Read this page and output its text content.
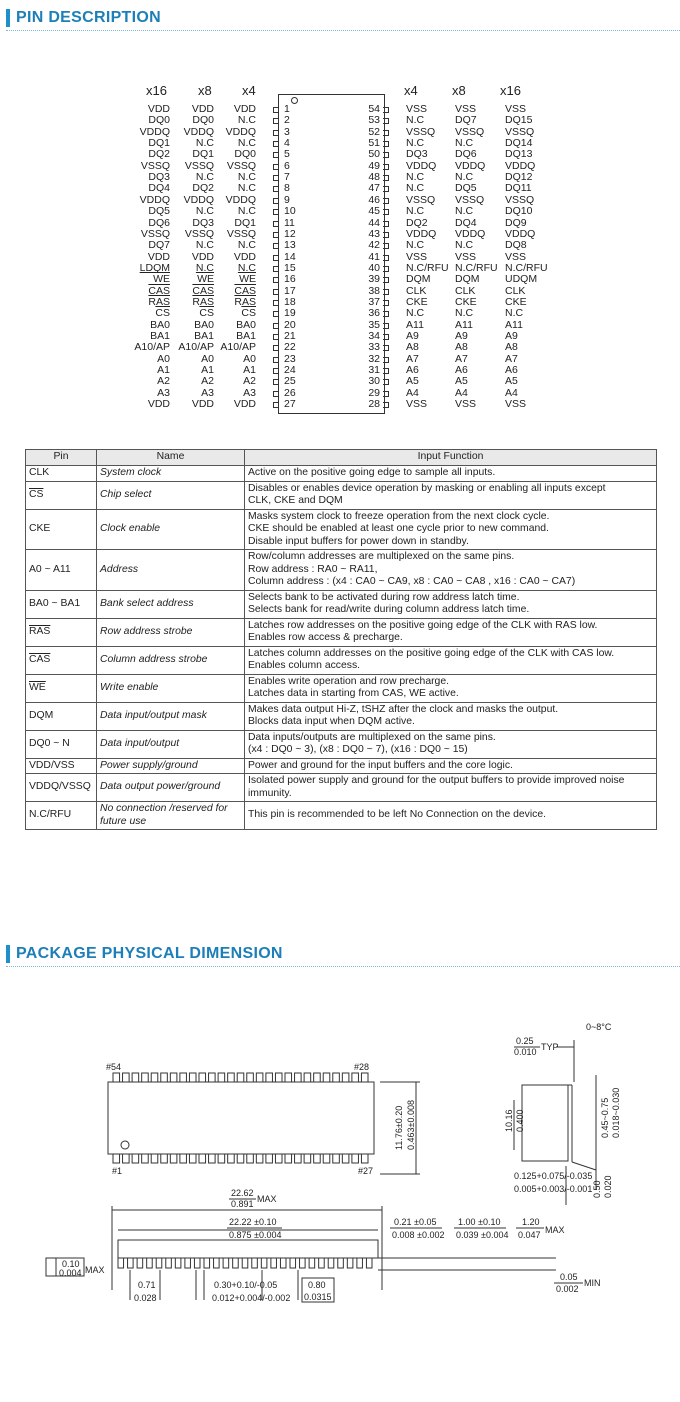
PIN DESCRIPTION
x16 x8 x4	x4	x8	x16
VDD	VDD	VDD	1	54 VSS	VSS	VSS
DQ0	DQ0	N.C	2	53 N.C	DQ7	DQ15
VDDQ	VDDQ	VDDQ	3	52 VSSQ	VSSQ	VSSQ
DQ1	N.C	N.C	4	51 N.C	N.C	DQ14
DQ2	DQ1	DQ0	5	50 DQ3	DQ6	DQ13
VSSQ	VSSQ	VSSQ	6	49 VDDQ	VDDQ	VDDQ
DQ3	N.C	N.C	7	48 N.C	N.C	DQ12
DQ4	DQ2	N.C	8	47 N.C	DQ5	DQ11
VDDQ	VDDQ	VDDQ	9	46 VSSQ	VSSQ	VSSQ
DQ5	N.C	N.C	10	45 N.C	N.C	DQ10
DQ6	DQ3	DQ1	11	44 DQ2	DQ4	DQ9
VSSQ	VSSQ	VSSQ	12	43 VDDQ	VDDQ	VDDQ
DQ7	N.C	N.C	13	42 N.C	N.C	DQ8
VDD	VDD	VDD	14	41 VSS	VSS	VSS
LDQM	N.C	N.C	15	40 N.C/RFU N.C/RFU N.C/RFU
$\overline{WE}$	$\overline{WE}$	$\overline{WE}$	16	39 DQM	DQM	UDQM
$\overline{CAS}$	$\overline{CAS}$	$\overline{CAS}$	17	38 CLK	CLK	CLK
$\overline{RAS}$	$\overline{RAS}$	$\overline{RAS}$	18	37 CKE	CKE	CKE
$\overline{CS}$	$\overline{CS}$	$\overline{CS}$	19	36 N.C	N.C	N.C
BA0	BA0	BA0	20	35 A11	A11	A11
BA1	BA1	BA1	21	34 A9	A9	A9
A10/AP A10/AP A10/AP	22	33 A8	A8	A8
A0	A0	A0	23	32 A7	A7	A7
A1	A1	A1	24	31 A6	A6	A6
A2	A2	A2	25	30 A5	A5	A5
A3	A3	A3	26	29 A4	A4	A4
VDD	VDD	VDD	27	28 VSS	VSS	VSS
Pin	Name	Input Function
CLK	System clock	Active on the positive going edge to sample all inputs.

$\overline{CS}$	Chip select	Disables or enables device operation by masking or enabling all inputs except
CLK, CKE and DQM

CKE	Clock enable	Masks system clock to freeze operation from the next clock cycle.
CKE should be enabled at least one cycle prior to new command.
Disable input buffers for power down in standby.

A0 ~ A11	Address	Row/column addresses are multiplexed on the same pins.
Row address : RA0 ~ RA11,
Column address : (x4 : CA0 ~ CA9, x8 : CA0 ~ CA8 , x16 : CA0 ~ CA7)

BA0 ~ BA1	Bank select address	Selects bank to be activated during row address latch time.
Selects bank for read/write during column address latch time.

$\overline{RAS}$	Row address strobe	Latches row addresses on the positive going edge of the CLK with RAS low.
Enables row access & precharge.

$\overline{CAS}$	Column address strobe	Latches column addresses on the positive going edge of the CLK with CAS low.
Enables column access.

$\overline{WE}$	Write enable	Enables write operation and row precharge.
Latches data in starting from CAS, WE active.

DQM	Data input/output mask	Makes data output Hi-Z, tSHZ after the clock and masks the output.
Blocks data input when DQM active.

DQ0 ~ N	Data input/output	Data inputs/outputs are multiplexed on the same pins.
(x4 : DQ0 ~ 3), (x8 : DQ0 ~ 7), (x16 : DQ0 ~ 15)

VDD/VSS	Power supply/ground	Power and ground for the input buffers and the core logic.

VDDQ/VSSQ	Data output power/ground	Isolated power supply and ground for the output buffers to provide improved noise
immunity.

N.C/RFU	No connection /reserved for future use	This pin is recommended to be left No Connection on the device.
PACKAGE PHYSICAL DIMENSION
#54	#28
#1	#27
11.76±0.20 0.463±0.008
0~8°C
0.25
0.010 TYP
10.16 0.400	0.45~0.75 0.018~0.030
0.125+0.075/-0.035
0.005+0.003/-0.001 0.50 0.020
22.62
0.891 MAX
22.22 ±0.10
0.875 ±0.004
0.21 ±0.05
0.008 ±0.002
1.00 ±0.10
0.039 ±0.004
1.20
0.047 MAX
0.10
0.004 MAX
0.71
0.028
0.30+0.10/-0.05
0.012+0.004/-0.002
0.80
0.0315
0.05
0.002
MIN
